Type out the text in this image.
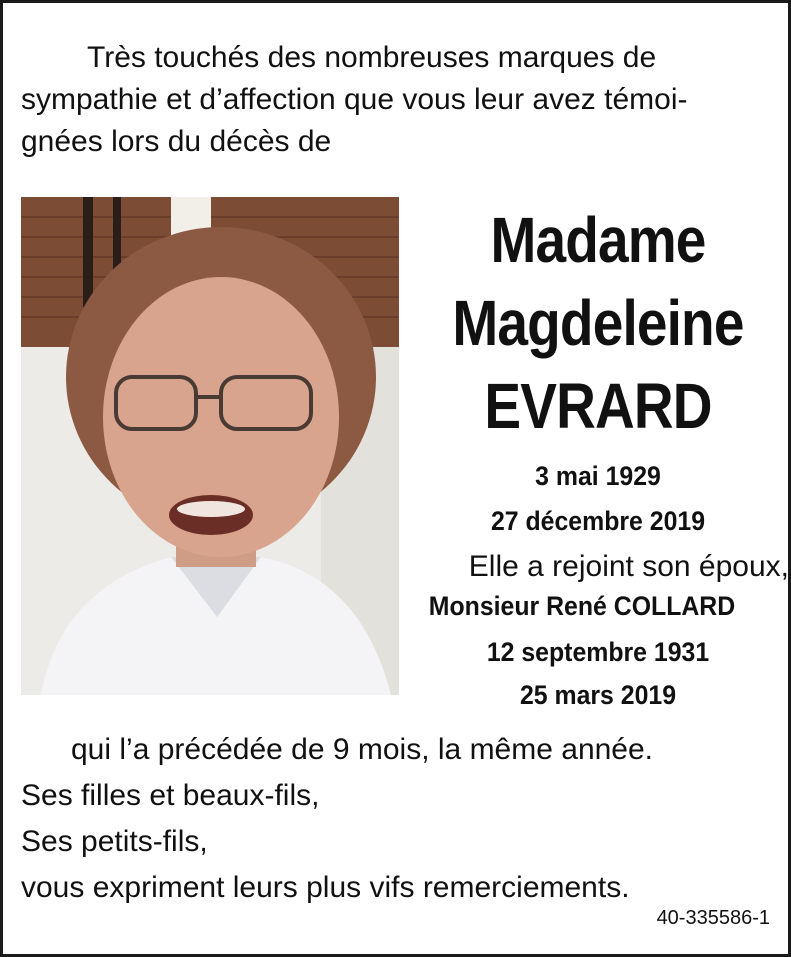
Très touchés des nombreuses marques de
sympathie et d’affection que vous leur avez témoi-
gnées lors du décès de
Madame
Magdeleine
EVRARD
3 mai 1929
27 décembre 2019
Elle a rejoint son époux,
Monsieur René COLLARD
12 septembre 1931
25 mars 2019
qui l’a précédée de 9 mois, la même année.
Ses filles et beaux-fils,
Ses petits-fils,
vous expriment leurs plus vifs remerciements.
40-335586-1
